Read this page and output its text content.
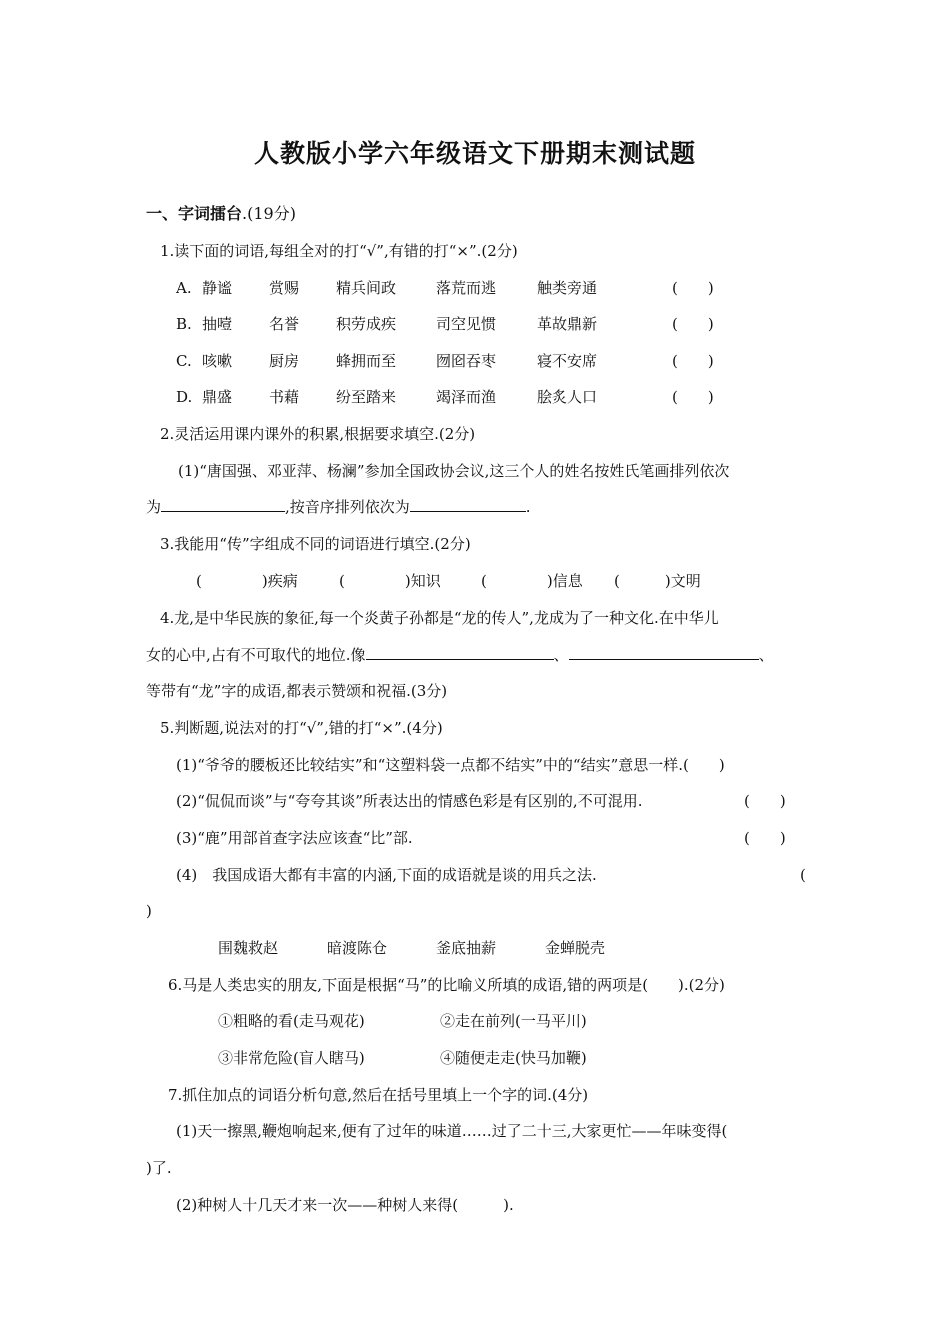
人教版小学六年级语文下册期末测试题
一、字词擂台.(19分)
1.读下面的词语,每组全对的打“√”,有错的打“×”.(2分)
A. 静谧 赏赐 精兵间政	落荒而逃	触类旁通	(　　)
B. 抽噎 名誉 积劳成疾	司空见惯	革故鼎新	(　　)
C. 咳嗽 厨房 蜂拥而至	囫囵吞枣	寝不安席	(　　)
D. 鼎盛 书藉 纷至踏来	竭泽而渔	脍炙人口	(　　)
2.灵活运用课内课外的积累,根据要求填空.(2分)
(1)“唐国强、邓亚萍、杨澜”参加全国政协会议,这三个人的姓名按姓氏笔画排列依次
为	,按音序排列依次为	.
3.我能用“传”字组成不同的词语进行填空.(2分)
(　　　　)疾病	(　　　　)知识	(　　　　)信息 (　　　)文明
4.龙,是中华民族的象征,每一个炎黄子孙都是“龙的传人”,龙成为了一种文化.在中华儿
女的心中,占有不可取代的地位.像	、	、
等带有“龙”字的成语,都表示赞颂和祝福.(3分)
5.判断题,说法对的打“√”,错的打“×”.(4分)
(1)“爷爷的腰板还比较结实”和“这塑料袋一点都不结实”中的“结实”意思一样.(　　)
(2)“侃侃而谈”与“夸夸其谈”所表达出的情感色彩是有区别的,不可混用.	(　　)
(3)“鹿”用部首查字法应该查“比”部.	(　　)
(4)　我国成语大都有丰富的内涵,下面的成语就是谈的用兵之法.	(
)
围魏救赵	暗渡陈仓	釜底抽薪	金蝉脱壳
6.马是人类忠实的朋友,下面是根据“马”的比喻义所填的成语,错的两项是(　　).(2分)
①粗略的看(走马观花)	②走在前列(一马平川)
③非常危险(盲人瞎马)	④随便走走(快马加鞭)
7.抓住加点的词语分析句意,然后在括号里填上一个字的词.(4分)
(1)天一擦黑,鞭炮响起来,便有了过年的味道……过了二十三,大家更忙——年味变得(
)了.
(2)种树人十几天才来一次——种树人来得(　　　).
